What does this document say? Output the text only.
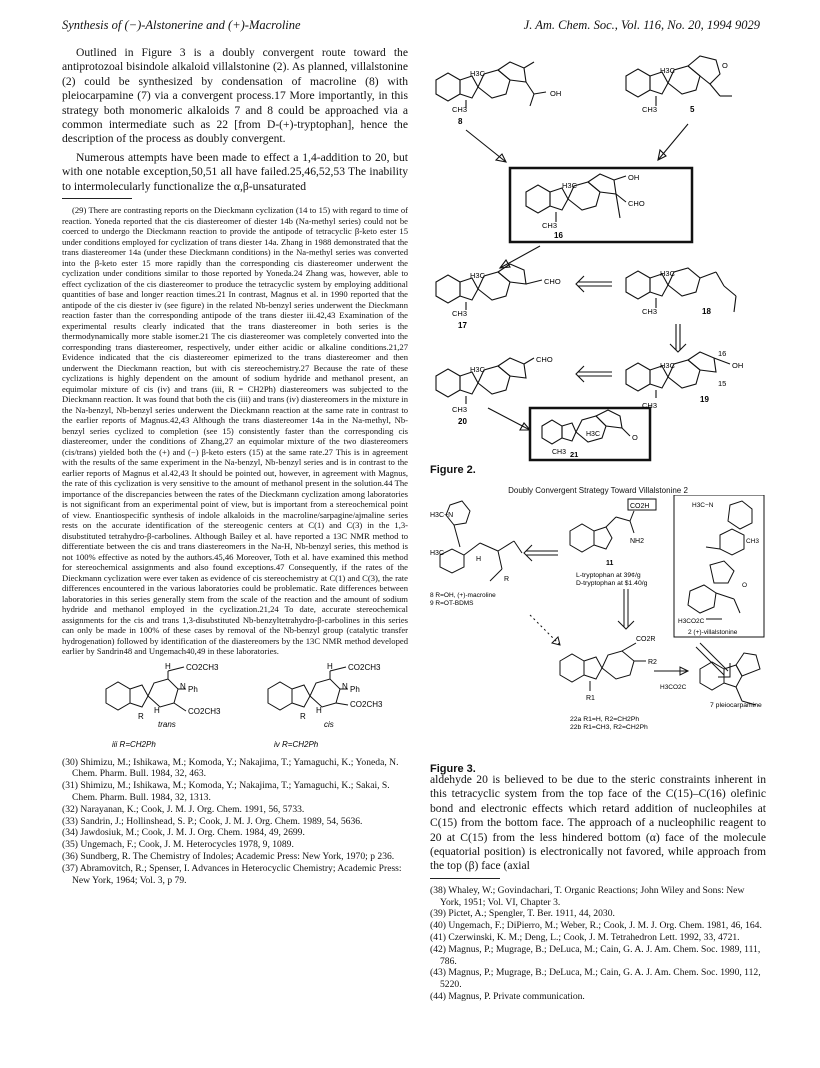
Synthesis of (−)-Alstonerine and (+)-Macroline	J. Am. Chem. Soc., Vol. 116, No. 20, 1994 9029

Outlined in Figure 3 is a doubly convergent route toward the antiprotozoal bisindole alkaloid villalstonine (2). As planned, villalstonine (2) could be synthesized by condensation of macroline (8) with pleiocarpamine (7) via a convergent process.17 More importantly, in this strategy both monomeric alkaloids 7 and 8 could be approached via a common intermediate such as 22 [from D-(+)-tryptophan], hence the description of the process as doubly convergent.

Numerous attempts have been made to effect a 1,4-addition to 20, but with one notable exception,50,51 all have failed.25,46,52,53 The inability to intermolecularly functionalize the α,β-unsaturated

(29) There are contrasting reports on the Dieckmann cyclization (14 to 15) with regard to time of reaction. Yoneda reported that the cis diastereomer of diester 14b (Na-methyl series) could not be coerced to undergo the Dieckmann reaction to provide the antipode of tetracyclic β-keto ester 15 under conditions employed for cyclization of trans diester 14a. Zhang in 1988 demonstrated that the trans diastereomer 14a (under these Dieckmann conditions) in the Na-methyl series was converted into the β-keto ester 15 more rapidly than the corresponding cis diastereomer underwent the cyclization under conditions similar to those reported by Yoneda.24 Zhang was, however, able to effect cyclization of the cis diastereomer to produce the tetracyclic system by employing additional quantities of base and longer reaction times.21 In contrast, Magnus et al. in 1990 reported that the antipode of the cis diester iv (see figure) in the related Nb-benzyl series underwent the Dieckmann reaction faster than the corresponding antipode of the trans diester iii.42,43 Examination of the experimental results clearly indicated that the trans diastereomer in both series is the thermodynamically more stable isomer.21 The cis diastereomer was completely converted into the corresponding trans diastereomer, respectively, under either acidic or alkaline conditions.21,27 Evidence indicated that the cis diastereomer epimerized to the trans diastereomer and then underwent the Dieckmann reaction, but with cis stereochemistry.27 Because the rate of these cyclizations is highly dependent on the amount of sodium hydride and methanol present, an equimolar mixture of cis (iv) and trans (iii, R = CH2Ph) diastereomers was subjected to the Dieckmann reaction. It was found that both the cis (iii) and trans (iv) diastereomers in the mixture in the Na-benzyl, Nb-benzyl series underwent the Dieckmann reaction at the same rate in contrast to the earlier reports of Magnus.42,43 Although the trans diastereomer 14a in the Na-methyl, Nb-benzyl series cyclized to completion (see 15) consistently faster than the corresponding cis diastereomer, under the conditions of Zhang,27 an equimolar mixture of the two diastereomers (cis/trans) yielded both the (+) and (−) β-keto esters (15) at the same rate.27 This is in agreement with the results of the same experiment in the Na-benzyl, Nb-benzyl series and is in contrast to the earlier reports of Magnus et al.42,43 It should be pointed out, however, in agreement with Magnus, the rate of this cyclization is very sensitive to the amount of methanol present in the solution.44 The importance of the discrepancies between the rates of the Dieckmann cyclization among laboratories is not significant from an experimental point of view, but is important from a stereochemical point of view. Enantiospecific synthesis of indole alkaloids in the macroline/sarpagine/ajmaline series rests on the accurate identification of the stereogenic centers at C(1) and C(3) in the 1,3-disubstituted tetrahydro-β-carbolines. Although Bailey et al. have reported a 13C NMR method to differentiate between the cis and trans diastereomers in the Na-H, Nb-benzyl series, this method is not 100% effective as noted by the authors.45,46 Moreover, Toth et al. have examined this method for stereochemical assignments and also found exceptions.47 Consequently, if the rates of the Dieckmann cyclization were ever taken as evidence of cis stereochemistry at C(1) and C(3), the rate differences encountered in the various laboratories could be problematic. Rate differences between laboratories in this series generally stem from the scale of the reaction and the amount of sodium hydride and methanol employed in the cyclization.21,24 To date, accurate stereochemical assignments for the cis and trans 1,3-disubstituted Nb-benzyltetrahydro-β-carbolines in this series can only be made in 100% of these cases by removal of the Nb-benzyl group (catalytic transfer hydrogenation) followed by identification of the diastereomers by the 13C NMR method developed earlier by Sandrin48 and Ungemach40,49 in these laboratories.
H CO2CH3
Ph
N
CO2CH3
H
R
trans
iii R=CH2Ph
H CO2CH3
Ph
N
CO2CH3
H
R
cis
iv R=CH2Ph
(30) Shimizu, M.; Ishikawa, M.; Komoda, Y.; Nakajima, T.; Yamaguchi, K.; Yoneda, N. Chem. Pharm. Bull. 1984, 32, 463.
(31) Shimizu, M.; Ishikawa, M.; Komoda, Y.; Nakajima, T.; Yamaguchi, K.; Sakai, S. Chem. Pharm. Bull. 1984, 32, 1313.
(32) Narayanan, K.; Cook, J. M. J. Org. Chem. 1991, 56, 5733.
(33) Sandrin, J.; Hollinshead, S. P.; Cook, J. M. J. Org. Chem. 1989, 54, 5636.
(34) Jawdosiuk, M.; Cook, J. M. J. Org. Chem. 1984, 49, 2699.
(35) Ungemach, F.; Cook, J. M. Heterocycles 1978, 9, 1089.
(36) Sundberg, R. The Chemistry of Indoles; Academic Press: New York, 1970; p 236.
(37) Abramovitch, R.; Spenser, I. Advances in Heterocyclic Chemistry; Academic Press: New York, 1964; Vol. 3, p 79.
H3C
OH
CH3
8
H3C
O
CH3	5
H3C
OH
CHO
CH3
16
H3C
CHO
CH3
17
H3C
CH3	18
CHO
H3C
CH3
20
H3C	OH
16
15
CH3
19
H3C	O
CH3 21
Figure 2.
Doubly Convergent Strategy Toward Villalstonine 2
H3C−N
H3C
H
R
CO2H
NH2
11
L-tryptophan at 39¢/g
D-tryptophan at $1.40/g
8 R=OH, (+)-macroline
9 R=OT-BDMS
H3C−N
CH3
O
H3CO2C
2 (+)-villalstonine
CO2R
R2
R1
22a R1=H, R2=CH2Ph
22b R1=CH3, R2=CH2Ph
H3CO2C
7 pleiocarpamine
Figure 3.

aldehyde 20 is believed to be due to the steric constraints inherent in this tetracyclic system from the top face of the C(15)–C(16) olefinic bond and electronic effects which retard addition of nucleophiles at C(15) from the bottom face. The approach of a nucleophilic reagent to 20 at C(15) from the less hindered bottom (α) face of the molecule (equatorial position) is electronically not favored, while approach from the top (β) face (axial

(38) Whaley, W.; Govindachari, T. Organic Reactions; John Wiley and Sons: New York, 1951; Vol. VI, Chapter 3.
(39) Pictet, A.; Spengler, T. Ber. 1911, 44, 2030.
(40) Ungemach, F.; DiPierro, M.; Weber, R.; Cook, J. M. J. Org. Chem. 1981, 46, 164.
(41) Czerwinski, K. M.; Deng, L.; Cook, J. M. Tetrahedron Lett. 1992, 33, 4721.
(42) Magnus, P.; Mugrage, B.; DeLuca, M.; Cain, G. A. J. Am. Chem. Soc. 1989, 111, 786.
(43) Magnus, P.; Mugrage, B.; DeLuca, M.; Cain, G. A. J. Am. Chem. Soc. 1990, 112, 5220.
(44) Magnus, P. Private communication.
